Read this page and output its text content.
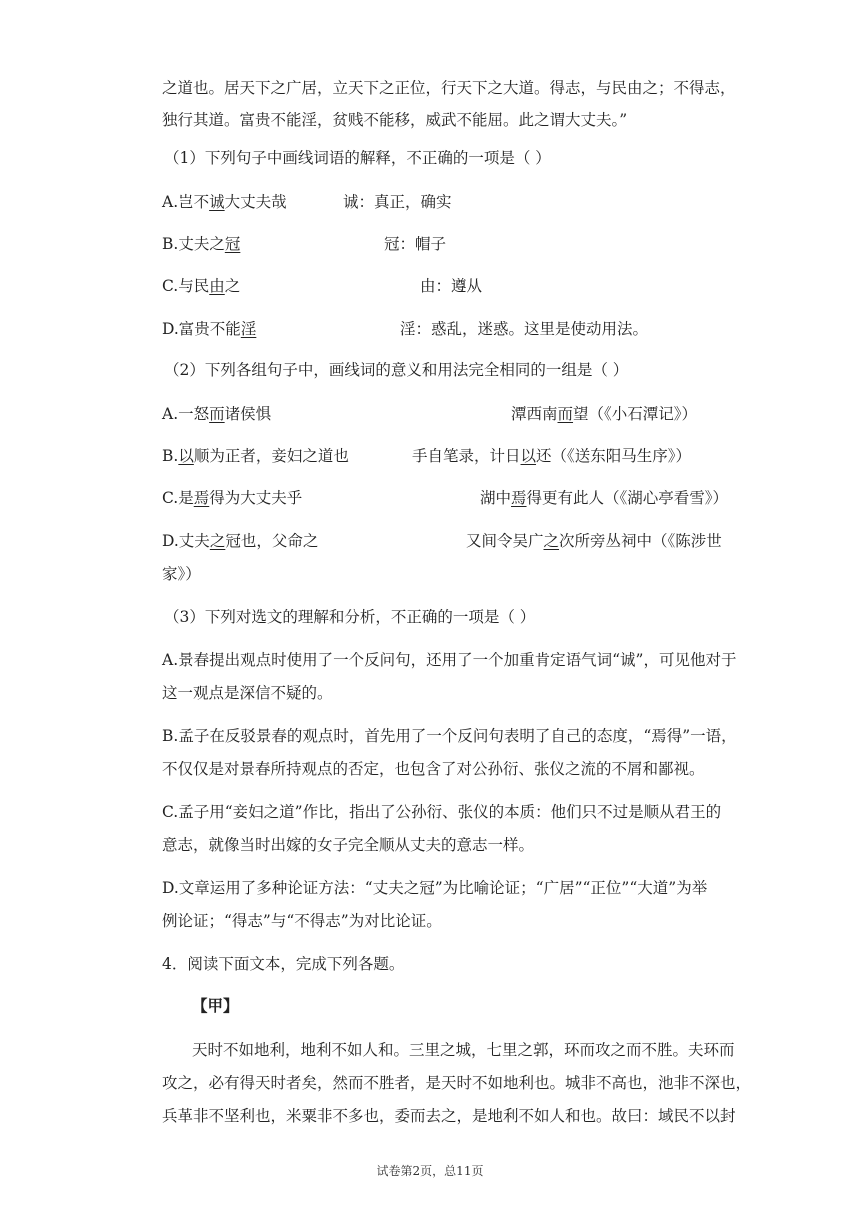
之道也。居天下之广居，立天下之正位，行天下之大道。得志，与民由之；不得志，
独行其道。富贵不能淫，贫贱不能移，威武不能屈。此之谓大丈夫。”
（1）下列句子中画线词语的解释，不正确的一项是（ ）
A.岂不诚大丈夫哉	诚：真正，确实
B.丈夫之冠	冠：帽子
C.与民由之	由：遵从
D.富贵不能淫	淫：惑乱，迷惑。这里是使动用法。
（2）下列各组句子中，画线词的意义和用法完全相同的一组是（ ）
A.一怒而诸侯惧	潭西南而望（《小石潭记》）
B.以顺为正者，妾妇之道也	手自笔录，计日以还（《送东阳马生序》）
C.是焉得为大丈夫乎	湖中焉得更有此人（《湖心亭看雪》）
D.丈夫之冠也，父命之	又间令吴广之次所旁丛祠中（《陈涉世
家》）
（3）下列对选文的理解和分析，不正确的一项是（ ）
A.景春提出观点时使用了一个反问句，还用了一个加重肯定语气词“诚”，可见他对于
这一观点是深信不疑的。
B.孟子在反驳景春的观点时，首先用了一个反问句表明了自己的态度，“焉得”一语，
不仅仅是对景春所持观点的否定，也包含了对公孙衍、张仪之流的不屑和鄙视。
C.孟子用“妾妇之道”作比，指出了公孙衍、张仪的本质：他们只不过是顺从君王的
意志，就像当时出嫁的女子完全顺从丈夫的意志一样。
D.文章运用了多种论证方法：“丈夫之冠”为比喻论证；“广居”“正位”“大道”为举
例论证；“得志”与“不得志”为对比论证。
4．阅读下面文本，完成下列各题。
【甲】
天时不如地利，地利不如人和。三里之城，七里之郭，环而攻之而不胜。夫环而
攻之，必有得天时者矣，然而不胜者，是天时不如地利也。城非不高也，池非不深也，
兵革非不坚利也，米粟非不多也，委而去之，是地利不如人和也。故曰：域民不以封
试卷第2页，总11页
